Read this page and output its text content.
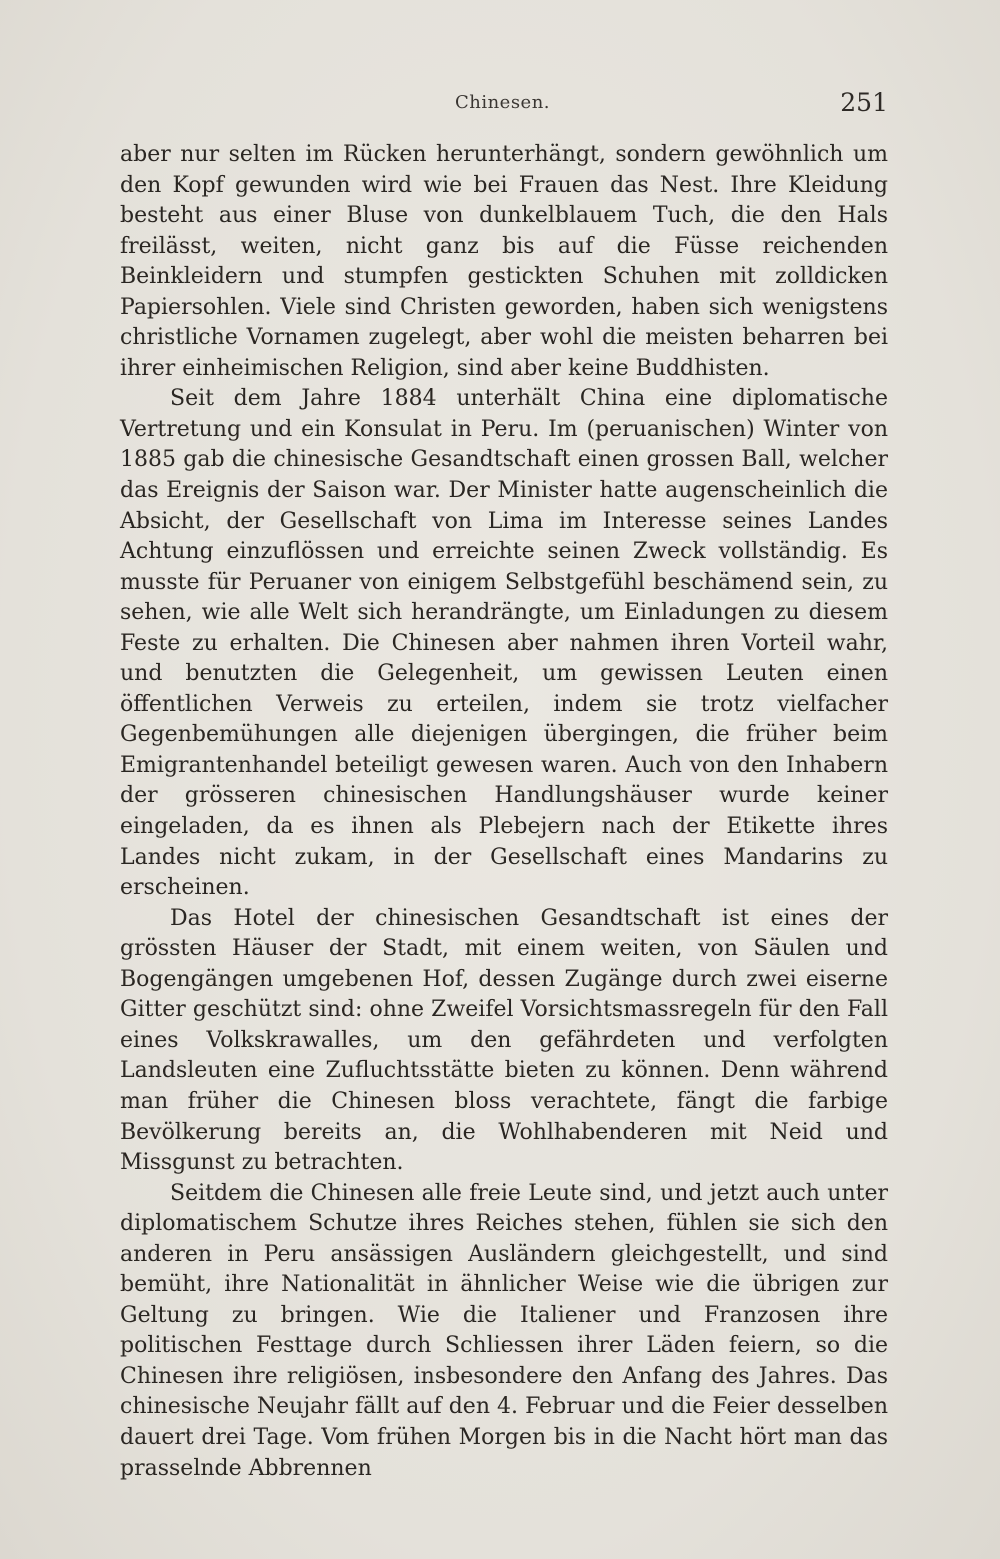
Chinesen.	251

aber nur selten im Rücken herunterhängt, sondern gewöhnlich um den Kopf gewunden wird wie bei Frauen das Nest. Ihre Kleidung besteht aus einer Bluse von dunkelblauem Tuch, die den Hals freilässt, weiten, nicht ganz bis auf die Füsse reichenden Beinkleidern und stumpfen gestickten Schuhen mit zolldicken Papiersohlen. Viele sind Christen geworden, haben sich wenigstens christliche Vornamen zugelegt, aber wohl die meisten beharren bei ihrer einheimischen Religion, sind aber keine Buddhisten.

Seit dem Jahre 1884 unterhält China eine diplomatische Vertretung und ein Konsulat in Peru. Im (peruanischen) Winter von 1885 gab die chinesische Gesandtschaft einen grossen Ball, welcher das Ereignis der Saison war. Der Minister hatte augenscheinlich die Absicht, der Gesellschaft von Lima im Interesse seines Landes Achtung einzuflössen und erreichte seinen Zweck vollständig. Es musste für Peruaner von einigem Selbstgefühl beschämend sein, zu sehen, wie alle Welt sich herandrängte, um Einladungen zu diesem Feste zu erhalten. Die Chinesen aber nahmen ihren Vorteil wahr, und benutzten die Gelegenheit, um gewissen Leuten einen öffentlichen Verweis zu erteilen, indem sie trotz vielfacher Gegenbemühungen alle diejenigen übergingen, die früher beim Emigrantenhandel beteiligt gewesen waren. Auch von den Inhabern der grösseren chinesischen Handlungshäuser wurde keiner eingeladen, da es ihnen als Plebejern nach der Etikette ihres Landes nicht zukam, in der Gesellschaft eines Mandarins zu erscheinen.

Das Hotel der chinesischen Gesandtschaft ist eines der grössten Häuser der Stadt, mit einem weiten, von Säulen und Bogengängen umgebenen Hof, dessen Zugänge durch zwei eiserne Gitter geschützt sind: ohne Zweifel Vorsichtsmassregeln für den Fall eines Volkskrawalles, um den gefährdeten und verfolgten Landsleuten eine Zufluchtsstätte bieten zu können. Denn während man früher die Chinesen bloss verachtete, fängt die farbige Bevölkerung bereits an, die Wohlhabenderen mit Neid und Missgunst zu betrachten.

Seitdem die Chinesen alle freie Leute sind, und jetzt auch unter diplomatischem Schutze ihres Reiches stehen, fühlen sie sich den anderen in Peru ansässigen Ausländern gleichgestellt, und sind bemüht, ihre Nationalität in ähnlicher Weise wie die übrigen zur Geltung zu bringen. Wie die Italiener und Franzosen ihre politischen Festtage durch Schliessen ihrer Läden feiern, so die Chinesen ihre religiösen, insbesondere den Anfang des Jahres. Das chinesische Neujahr fällt auf den 4. Februar und die Feier desselben dauert drei Tage. Vom frühen Morgen bis in die Nacht hört man das prasselnde Abbrennen
